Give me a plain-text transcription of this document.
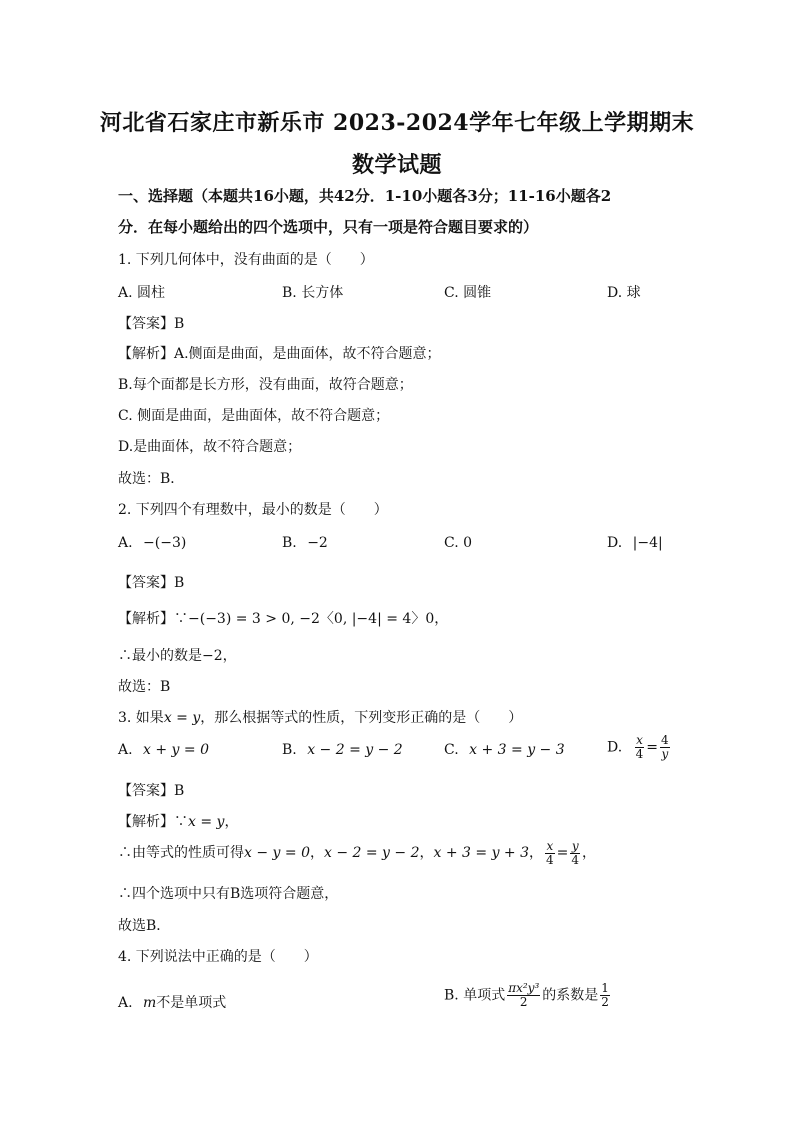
河北省石家庄市新乐市 2023-2024学年七年级上学期期末
数学试题
一、选择题（本题共16小题，共42分．1-10小题各3分；11-16小题各2
分．在每小题给出的四个选项中，只有一项是符合题目要求的）
1. 下列几何体中，没有曲面的是（　　）
A. 圆柱	B. 长方体	C. 圆锥	D. 球
【答案】B
【解析】A.侧面是曲面，是曲面体，故不符合题意；
B.每个面都是长方形，没有曲面，故符合题意；
C. 侧面是曲面，是曲面体，故不符合题意；
D.是曲面体，故不符合题意；
故选：B．
2. 下列四个有理数中，最小的数是（　　）
A. −(−3)	B. −2	C. 0	D. |−4|
【答案】B
【解析】∵−(−3) = 3 > 0, −2〈0, |−4| = 4〉0，
∴最小的数是−2，
故选：B
3. 如果x = y，那么根据等式的性质，下列变形正确的是（　　）
A. x + y = 0	B. x − 2 = y − 2	C. x + 3 = y − 3	D. $\frac{x}{4} = \frac{4}{y}$
【答案】B
【解析】∵x = y，
∴由等式的性质可得x − y = 0，x − 2 = y − 2，x + 3 = y + 3， $\frac{x}{4} = \frac{y}{4}$ ，
∴四个选项中只有B选项符合题意，
故选B．
4. 下列说法中正确的是（　　）
A. m不是单项式	B. 单项式 $\frac{\text{πx²y³}}{2}$ 的系数是 $\frac{1}{2}$
